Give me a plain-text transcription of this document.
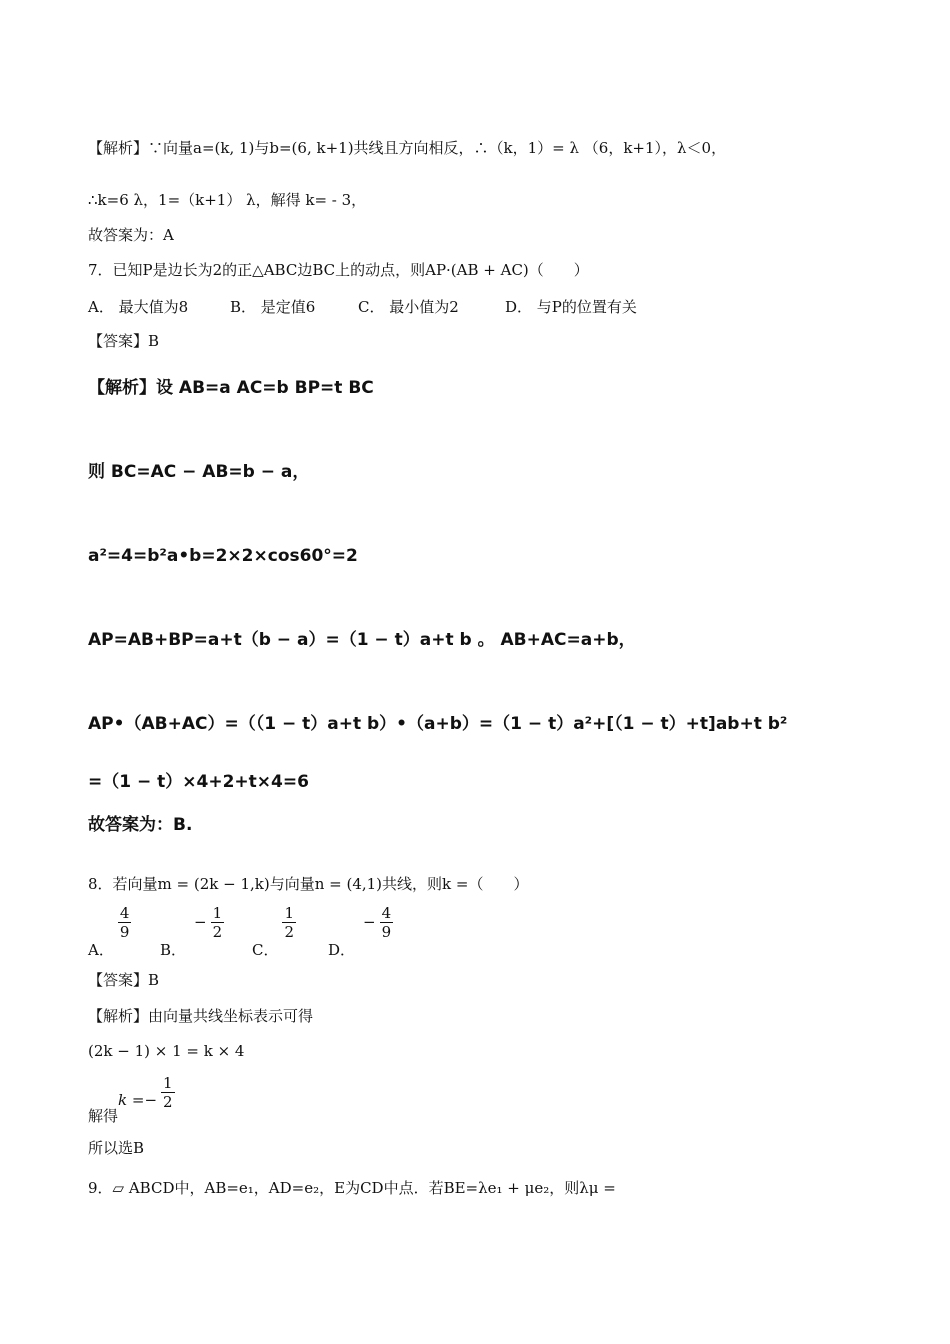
【解析】∵向量a=(k, 1)与b=(6, k+1)共线且方向相反，∴（k，1）= λ （6，k+1），λ＜0，
∴k=6 λ，1=（k+1） λ，解得 k= - 3，
故答案为：A
7．已知P是边长为2的正△ABC边BC上的动点，则AP·(AB + AC)（　　）
A． 最大值为8	B． 是定值6	C． 最小值为2	D． 与P的位置有关
【答案】B
【解析】设 AB=a AC=b BP=t BC
则 BC=AC − AB=b − a，
a²=4=b²a•b=2×2×cos60°=2
AP=AB+BP=a+t（b − a）=（1 − t）a+t b 。 AB+AC=a+b，
AP•（AB+AC）=（（1 − t）a+t b）•（a+b）=（1 − t）a²+[（1 − t）+t]ab+t b²
=（1 − t）×4+2+t×4=6
故答案为：B.
8．若向量m = (2k − 1,k)与向量n = (4,1)共线，则k =（　　）
A．
$\frac{4}{9}$
B．− $\frac{1}{2}$
C．
$\frac{1}{2}$
D．− $\frac{4}{9}$
【答案】B
【解析】由向量共线坐标表示可得
(2k − 1) × 1 = k × 4
解得$k =- \frac{1}{2}$
所以选B
9．▱ ABCD中，AB=e₁，AD=e₂，E为CD中点．若BE=λe₁ + μe₂，则λμ =
